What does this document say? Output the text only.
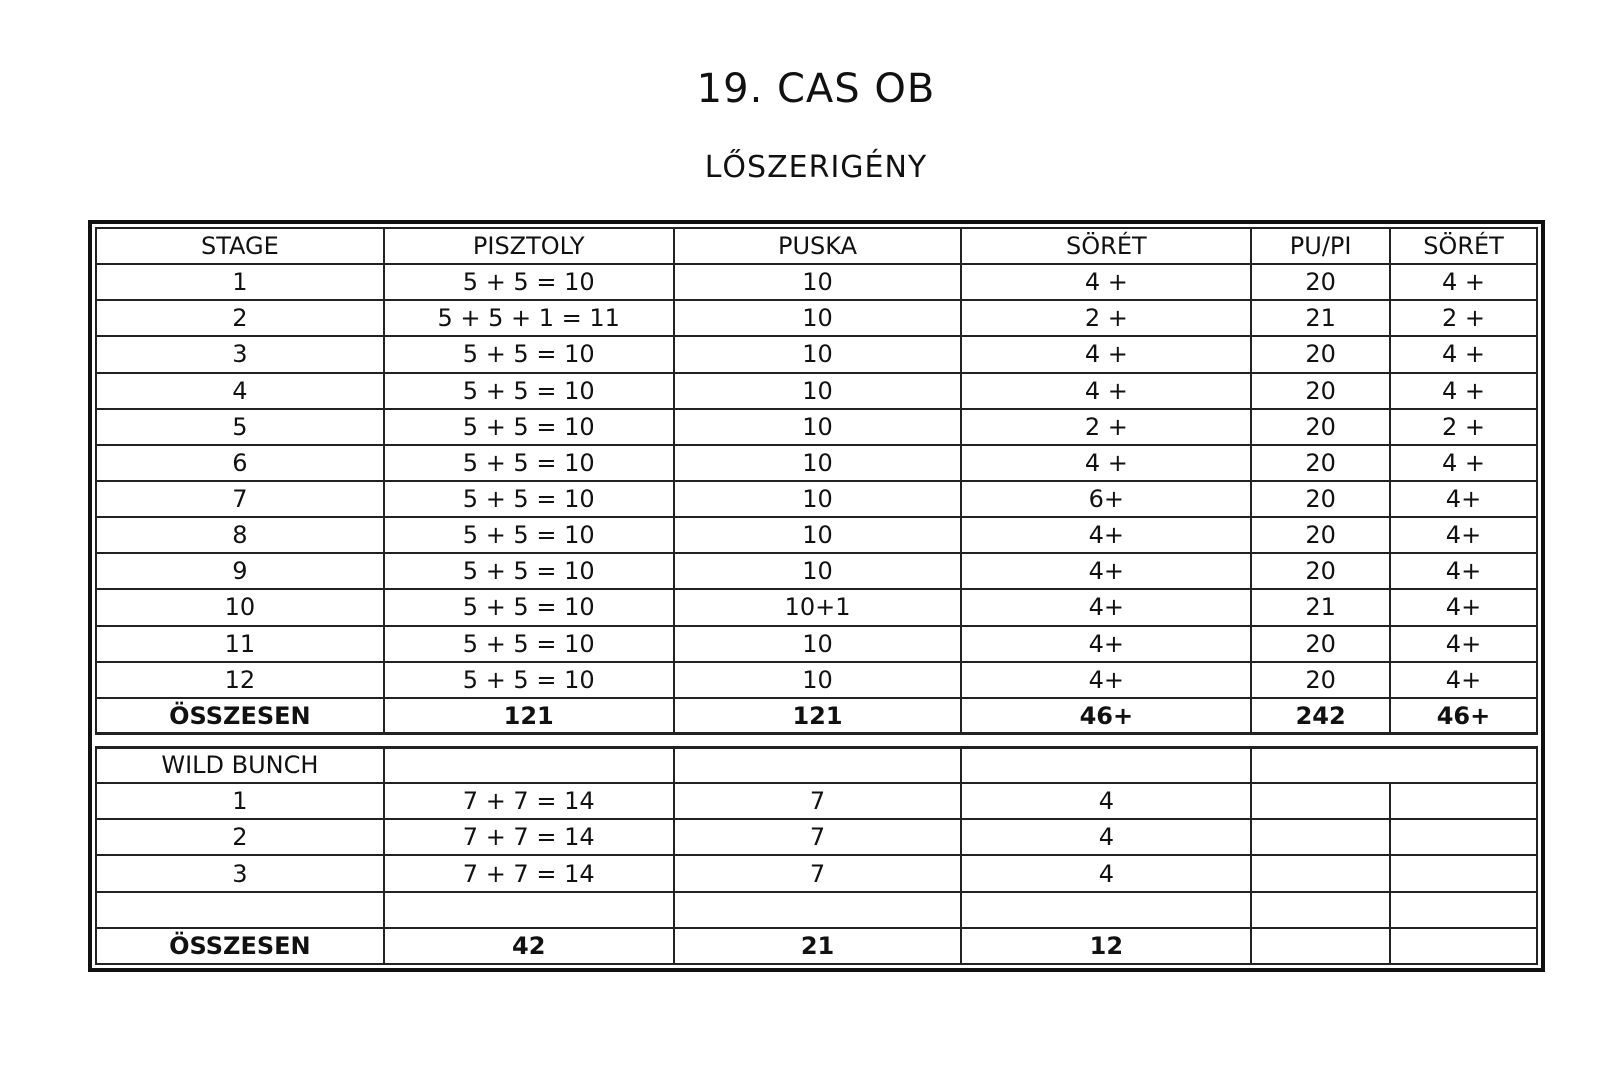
19. CAS OB
LŐSZERIGÉNY
STAGE	PISZTOLY	PUSKA	SÖRÉT	PU/PI	SÖRÉT
1	5 + 5 = 10	10	4 +	20	4 +
2	5 + 5 + 1 = 11	10	2 +	21	2 +
3	5 + 5 = 10	10	4 +	20	4 +
4	5 + 5 = 10	10	4 +	20	4 +
5	5 + 5 = 10	10	2 +	20	2 +
6	5 + 5 = 10	10	4 +	20	4 +
7	5 + 5 = 10	10	6+	20	4+
8	5 + 5 = 10	10	4+	20	4+
9	5 + 5 = 10	10	4+	20	4+
10	5 + 5 = 10	10+1	4+	21	4+
11	5 + 5 = 10	10	4+	20	4+
12	5 + 5 = 10	10	4+	20	4+
ÖSSZESEN	121	121	46+	242	46+

WILD BUNCH					
1	7 + 7 = 14	7	4		
2	7 + 7 = 14	7	4		
3	7 + 7 = 14	7	4		

ÖSSZESEN	42	21	12		
